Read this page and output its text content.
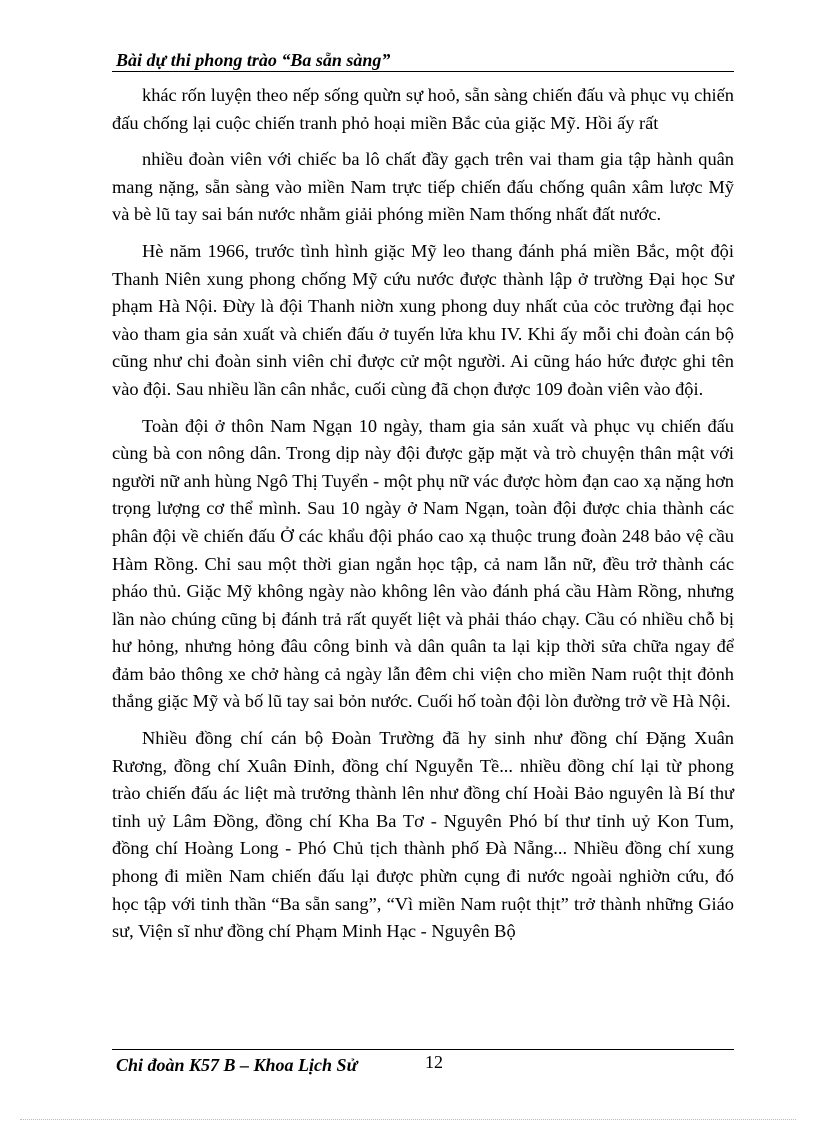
Bài dự thi phong trào “Ba sẵn sàng”

khác rốn luyện theo nếp sống quừn sự hoỏ, sẵn sàng chiến đấu và phục vụ chiến đấu chống lại cuộc chiến tranh phỏ hoại miền Bắc của giặc Mỹ. Hồi ấy rất

nhiều đoàn viên với chiếc ba lô chất đầy gạch trên vai tham gia tập hành quân mang nặng, sẵn sàng vào miền Nam trực tiếp chiến đấu chống quân xâm lược Mỹ và bè lũ tay sai bán nước nhằm giải phóng miền Nam thống nhất đất nước.

Hè năm 1966, trước tình hình giặc Mỹ leo thang đánh phá miền Bắc, một đội Thanh Niên xung phong chống Mỹ cứu nước được thành lập ở trường Đại học Sư phạm Hà Nội. Đừy là đội Thanh niờn xung phong duy nhất của cỏc trường đại học vào tham gia sản xuất và chiến đấu ở tuyến lửa khu IV. Khi ấy mỗi chi đoàn cán bộ cũng như chi đoàn sinh viên chỉ được cử một người. Ai cũng háo hức được ghi tên vào đội. Sau nhiều lần cân nhắc, cuối cùng đã chọn được 109 đoàn viên vào đội.

Toàn đội ở thôn Nam Ngạn 10 ngày, tham gia sản xuất và phục vụ chiến đấu cùng bà con nông dân. Trong dịp này đội được gặp mặt và trò chuyện thân mật với người nữ anh hùng Ngô Thị Tuyển - một phụ nữ vác được hòm đạn cao xạ nặng hơn trọng lượng cơ thể mình. Sau 10 ngày ở Nam Ngạn, toàn đội được chia thành các phân đội về chiến đấu Ở các khẩu đội pháo cao xạ thuộc trung đoàn 248 bảo vệ cầu Hàm Rồng. Chỉ sau một thời gian ngắn học tập, cả nam lẫn nữ, đều trở thành các pháo thủ. Giặc Mỹ không ngày nào không lên vào đánh phá cầu Hàm Rồng, nhưng lần nào chúng cũng bị đánh trả rất quyết liệt và phải tháo chạy. Cầu có nhiều chỗ bị hư hỏng, nhưng hỏng đâu công binh và dân quân ta lại kịp thời sửa chữa ngay để đảm bảo thông xe chở hàng cả ngày lẫn đêm chi viện cho miền Nam ruột thịt đỏnh thắng giặc Mỹ và bố lũ tay sai bỏn nước. Cuối hố toàn đội lòn đường trở về Hà Nội.

Nhiều đồng chí cán bộ Đoàn Trường đã hy sinh như đồng chí Đặng Xuân Rương, đồng chí Xuân Đỉnh, đồng chí Nguyễn Tề... nhiều đồng chí lại từ phong trào chiến đấu ác liệt mà trưởng thành lên như đồng chí Hoài Bảo nguyên là Bí thư tỉnh uỷ Lâm Đồng, đồng chí Kha Ba Tơ - Nguyên Phó bí thư tỉnh uỷ Kon Tum, đồng chí Hoàng Long - Phó Chủ tịch thành phố Đà Nẵng... Nhiều đồng chí xung phong đi miền Nam chiến đấu lại được phừn cụng đi nước ngoài nghiờn cứu, đó học tập với tinh thần “Ba sẵn sang”, “Vì miền Nam ruột thịt” trở thành những Giáo sư, Viện sĩ như đồng chí Phạm Minh Hạc - Nguyên Bộ

Chi đoàn K57 B – Khoa Lịch Sử	12
